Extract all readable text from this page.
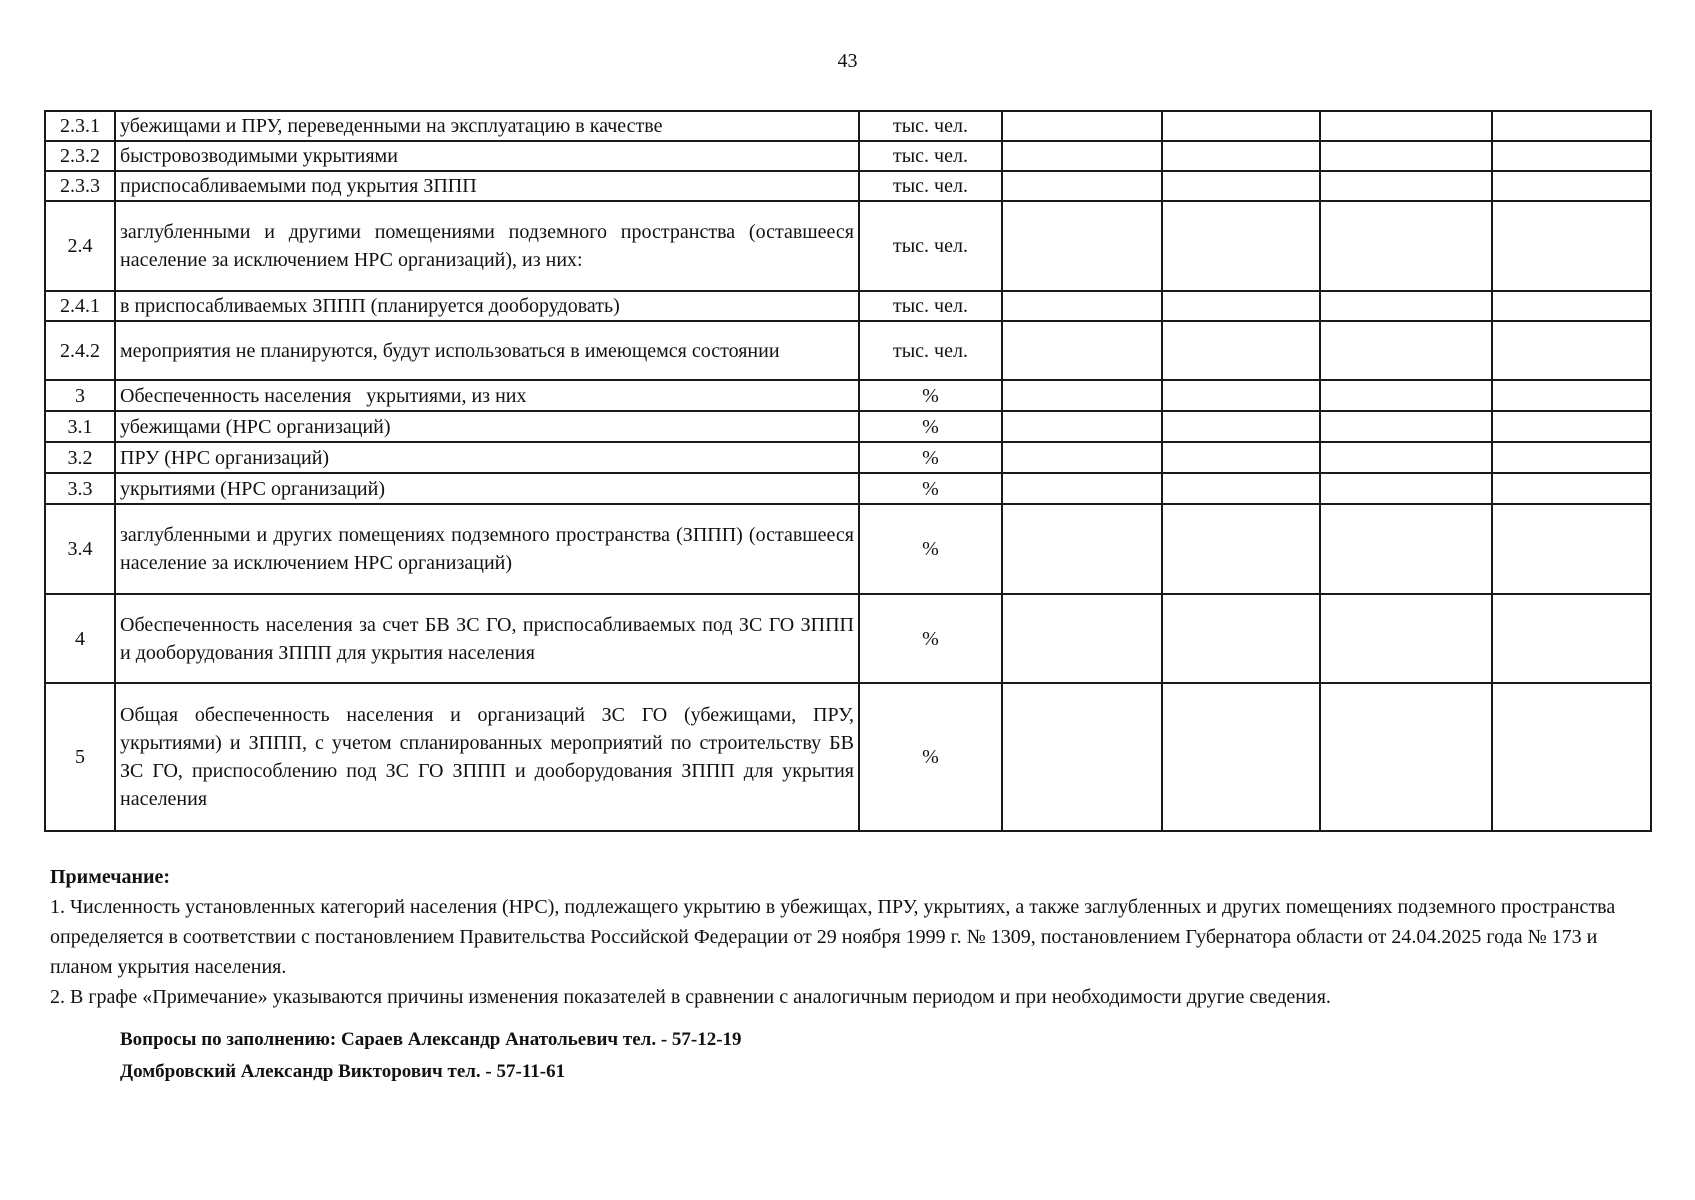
43
2.3.1	убежищами и ПРУ, переведенными на эксплуатацию в качестве	тыс. чел.				
2.3.2	быстровозводимыми укрытиями	тыс. чел.				
2.3.3	приспосабливаемыми под укрытия ЗППП	тыс. чел.				
2.4	заглубленными и другими помещениями подземного пространства (оставшееся население за исключением НРС организаций), из них:	тыс. чел.				
2.4.1	в приспосабливаемых ЗППП (планируется дооборудовать)	тыс. чел.				
2.4.2	мероприятия не планируются, будут использоваться в имеющемся состоянии	тыс. чел.				
3	Обеспеченность населения   укрытиями, из них	%				
3.1	убежищами (НРС организаций)	%				
3.2	ПРУ (НРС организаций)	%				
3.3	укрытиями (НРС организаций)	%				
3.4	заглубленными и других помещениях подземного пространства (ЗППП) (оставшееся население за исключением НРС организаций)	%				
4	Обеспеченность населения за счет БВ ЗС ГО, приспосабливаемых под ЗС ГО ЗППП и дооборудования ЗППП для укрытия населения	%				
5	Общая обеспеченность населения и организаций ЗС ГО (убежищами, ПРУ, укрытиями) и ЗППП, с учетом спланированных мероприятий по строительству БВ ЗС ГО, приспособлению под ЗС ГО ЗППП и дооборудования ЗППП для укрытия населения	%				
Примечание:
1. Численность установленных категорий населения (НРС), подлежащего укрытию в убежищах, ПРУ, укрытиях, а также заглубленных и других помещениях подземного пространства определяется в соответствии с постановлением Правительства Российской Федерации от 29 ноября 1999 г. № 1309, постановлением Губернатора области от 24.04.2025 года № 173 и планом укрытия населения.
2. В графе «Примечание» указываются причины изменения показателей в сравнении с аналогичным периодом и при необходимости другие сведения.
Вопросы по заполнению: Сараев Александр Анатольевич тел. - 57-12-19
Домбровский Александр Викторович тел. - 57-11-61
